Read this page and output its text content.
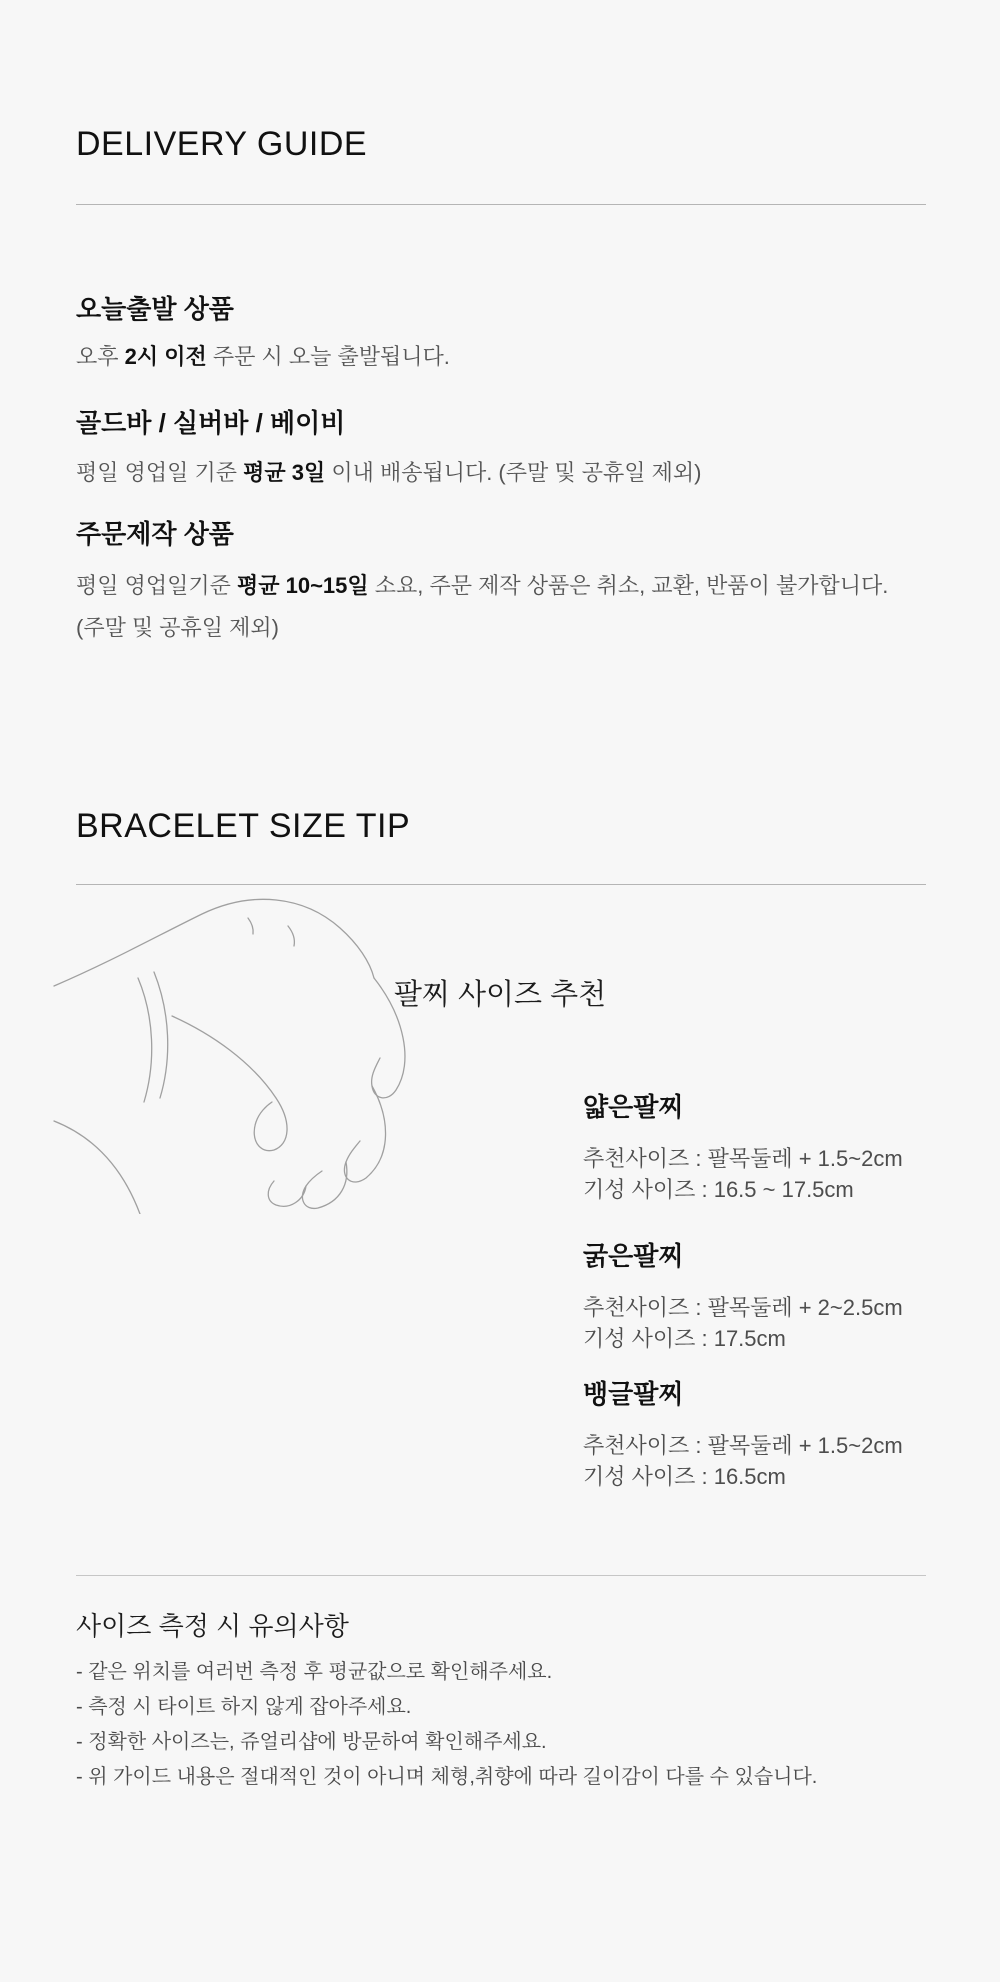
DELIVERY GUIDE
오늘출발 상품

오후 2시 이전 주문 시 오늘 출발됩니다.

골드바 / 실버바 / 베이비

평일 영업일 기준 평균 3일 이내 배송됩니다. (주말 및 공휴일 제외)

주문제작 상품

평일 영업일기준 평균 10~15일 소요, 주문 제작 상품은 취소, 교환, 반품이 불가합니다.

(주말 및 공휴일 제외)

BRACELET SIZE TIP

팔찌 사이즈 추천

얇은팔찌

추천사이즈 : 팔목둘레 + 1.5~2cm

기성 사이즈 : 16.5 ~ 17.5cm

굵은팔찌

추천사이즈 : 팔목둘레 + 2~2.5cm

기성 사이즈 : 17.5cm

뱅글팔찌

추천사이즈 : 팔목둘레 + 1.5~2cm

기성 사이즈 : 16.5cm

사이즈 측정 시 유의사항

- 같은 위치를 여러번 측정 후 평균값으로 확인해주세요.

- 측정 시 타이트 하지 않게 잡아주세요.

- 정확한 사이즈는, 쥬얼리샵에 방문하여 확인해주세요.

- 위 가이드 내용은 절대적인 것이 아니며 체형,취향에 따라 길이감이 다를 수 있습니다.
